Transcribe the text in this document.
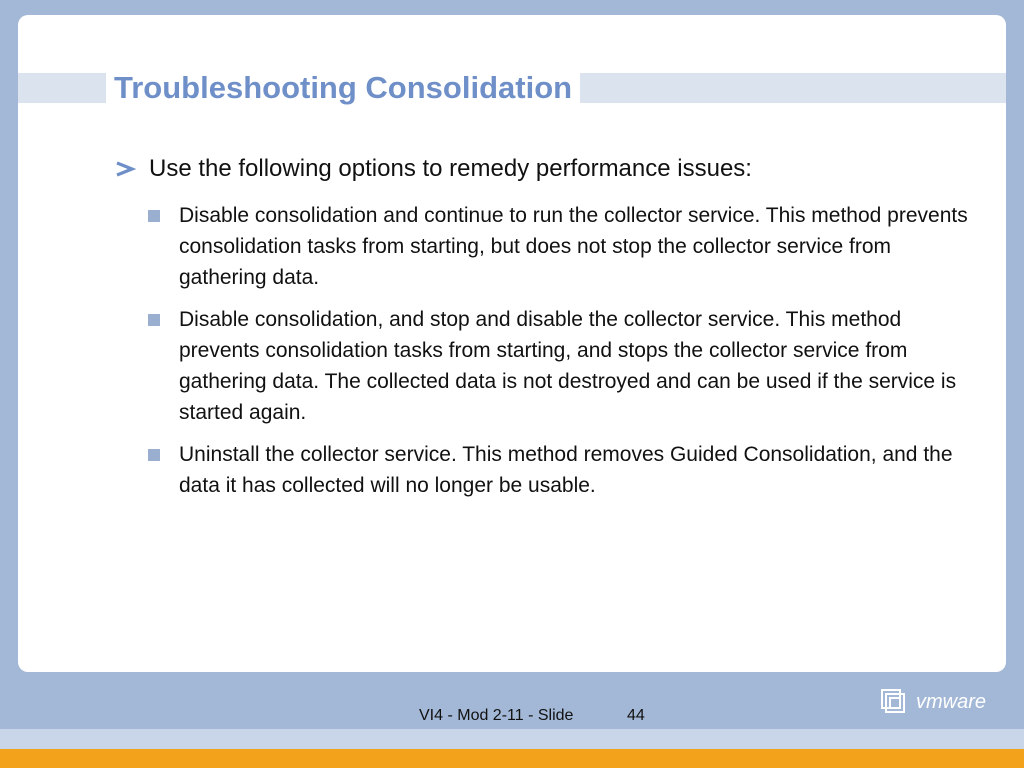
Troubleshooting Consolidation
Use the following options to remedy performance issues:
Disable consolidation and continue to run the collector service. This method prevents consolidation tasks from starting, but does not stop the collector service from gathering data.
Disable consolidation, and stop and disable the collector service. This method prevents consolidation tasks from starting, and stops the collector service from gathering data. The collected data is not destroyed and can be used if the service is started again.
Uninstall the collector service. This method removes Guided Consolidation, and the data it has collected will no longer be usable.
VI4 - Mod 2-11 - Slide	44
vmware
